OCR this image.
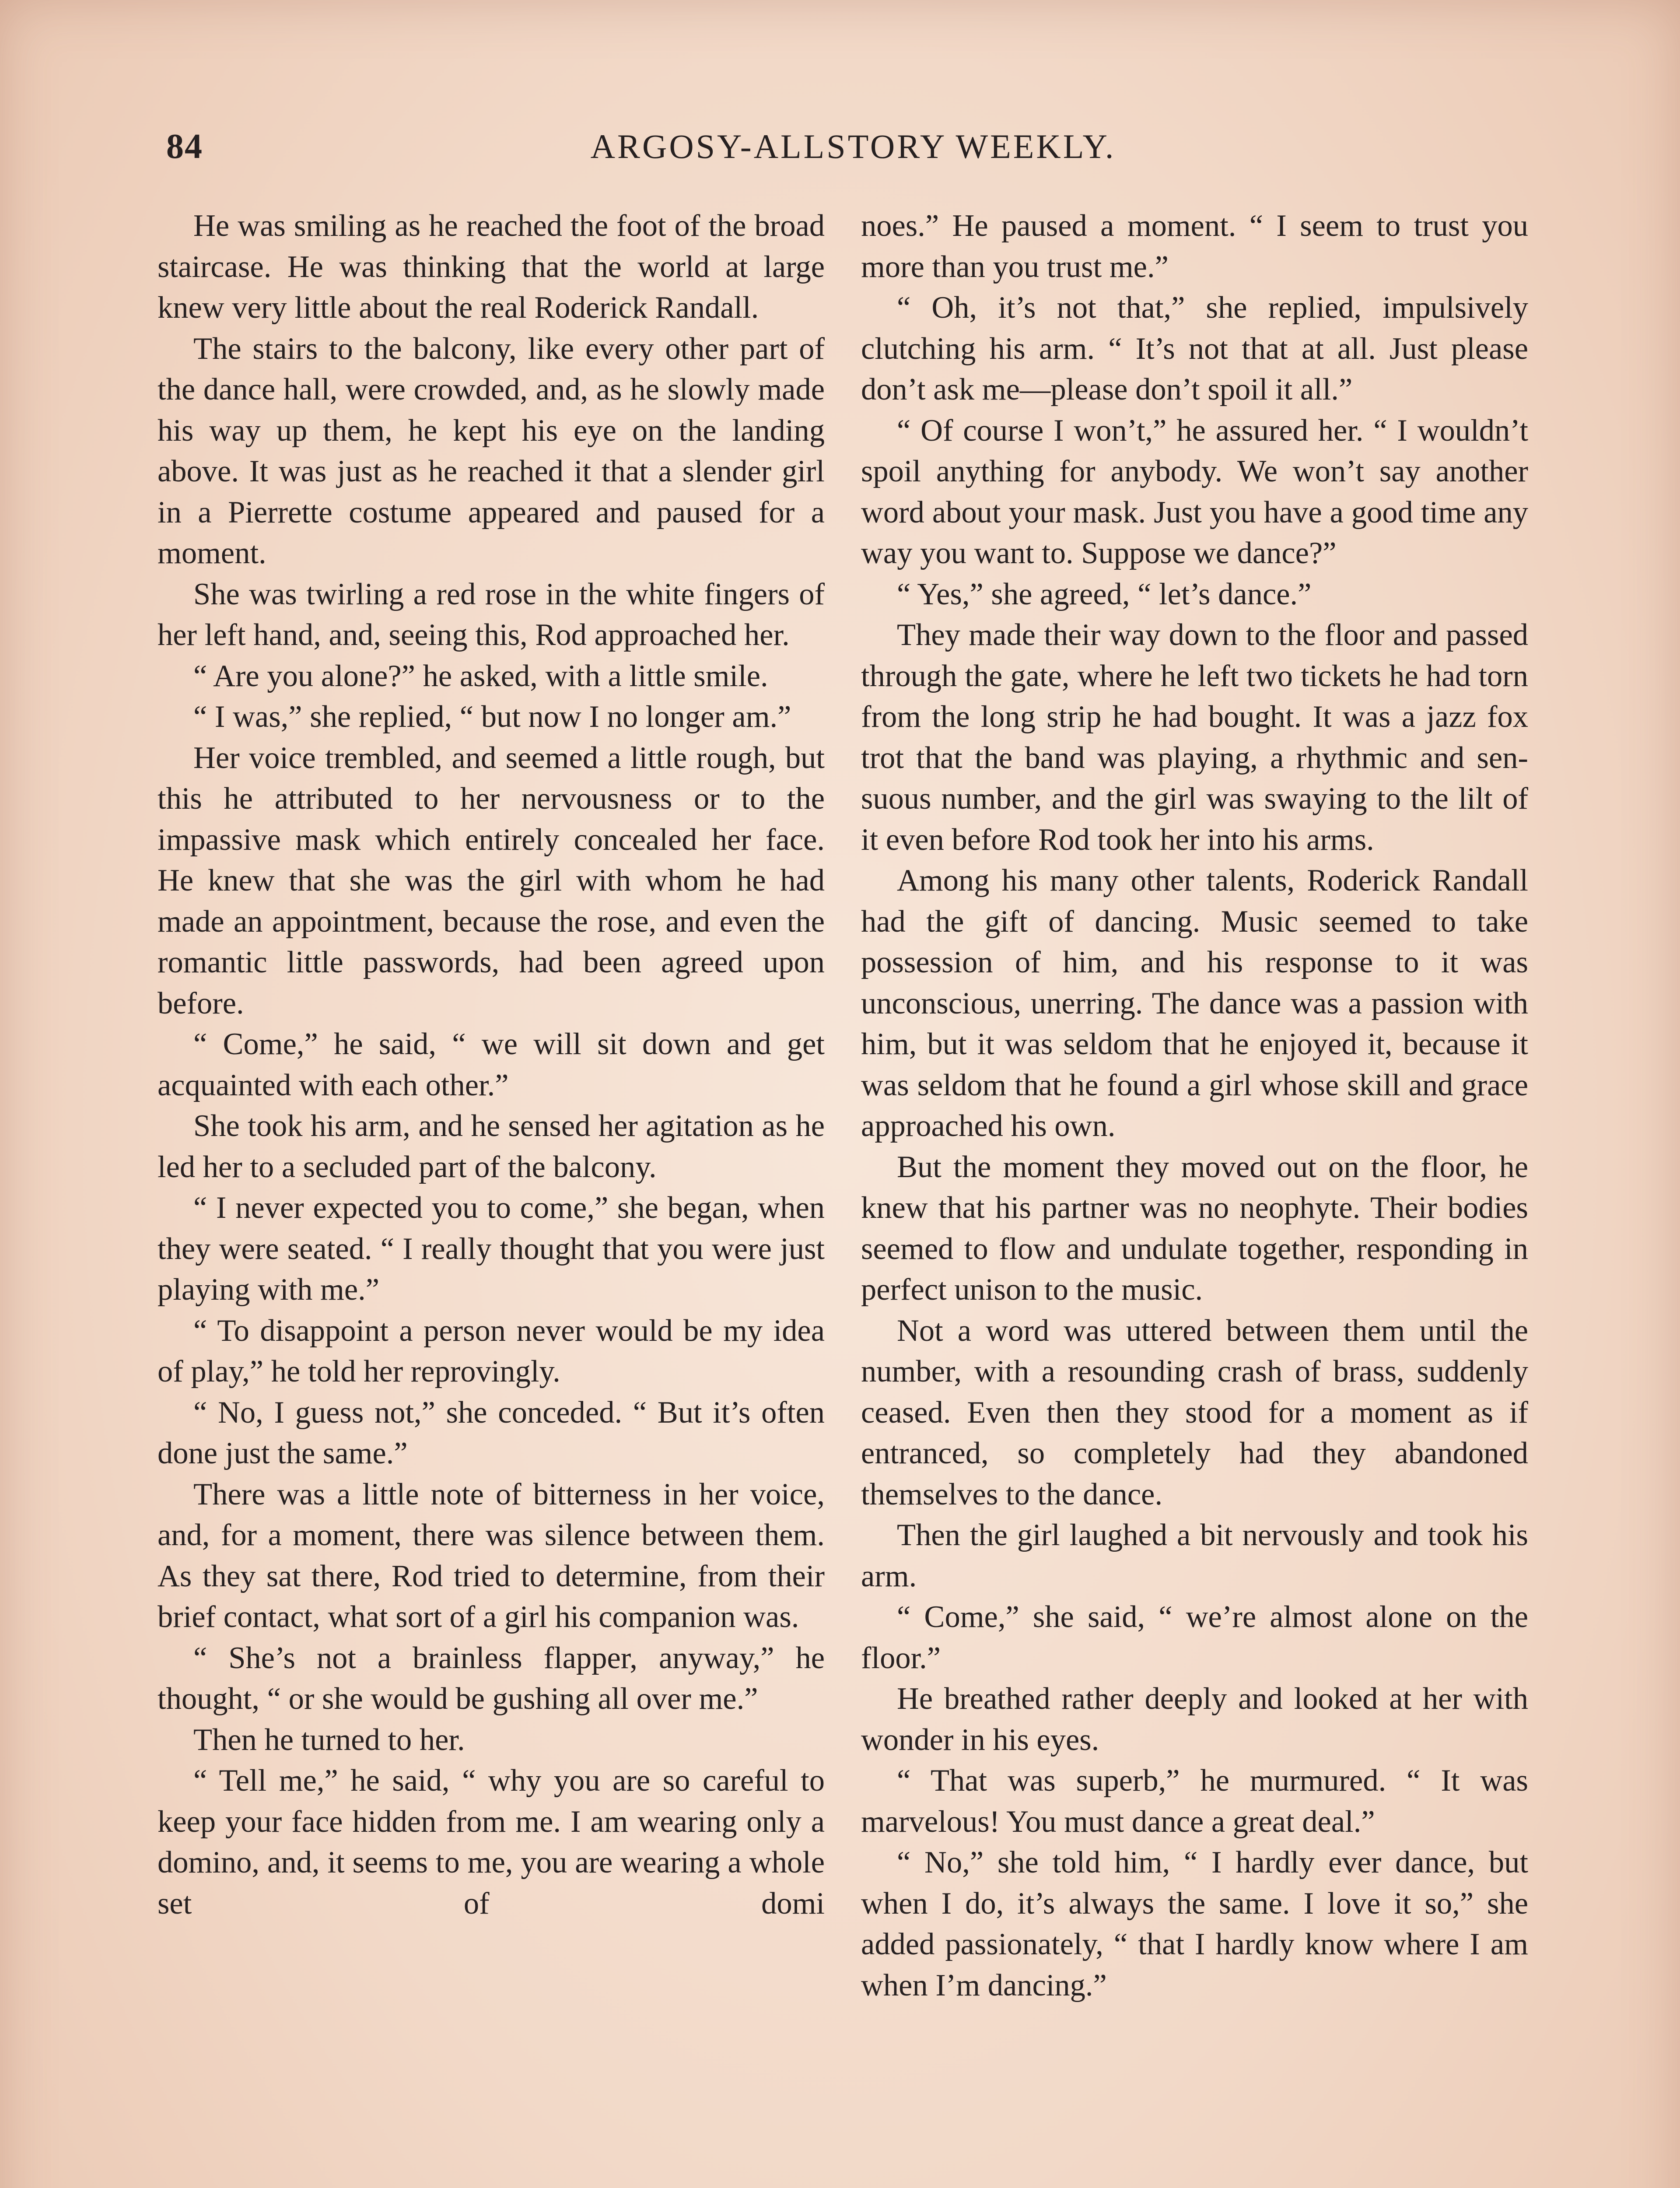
84	ARGOSY-ALLSTORY WEEKLY.

He was smiling as he reached the foot of the broad staircase. He was thinking that the world at large knew very little about the real Roderick Randall.

The stairs to the balcony, like every other part of the dance hall, were crowded, and, as he slowly made his way up them, he kept his eye on the landing above. It was just as he reached it that a slender girl in a Pierrette costume appeared and paused for a moment.

She was twirling a red rose in the white fingers of her left hand, and, seeing this, Rod approached her.

“ Are you alone?” he asked, with a little smile.

“ I was,” she replied, “ but now I no longer am.”

Her voice trembled, and seemed a little rough, but this he attributed to her nervousness or to the impassive mask which entirely concealed her face. He knew that she was the girl with whom he had made an appointment, because the rose, and even the romantic little passwords, had been agreed upon before.

“ Come,” he said, “ we will sit down and get acquainted with each other.”

She took his arm, and he sensed her agitation as he led her to a secluded part of the balcony.

“ I never expected you to come,” she began, when they were seated. “ I really thought that you were just playing with me.”

“ To disappoint a person never would be my idea of play,” he told her reprovingly.

“ No, I guess not,” she conceded. “ But it’s often done just the same.”

There was a little note of bitterness in her voice, and, for a moment, there was silence between them. As they sat there, Rod tried to determine, from their brief contact, what sort of a girl his companion was.

“ She’s not a brainless flapper, anyway,” he thought, “ or she would be gushing all over me.”

Then he turned to her.

“ Tell me,” he said, “ why you are so careful to keep your face hidden from me. I am wearing only a domino, and, it seems to me, you are wearing a whole set of domi

noes.” He paused a moment. “ I seem to trust you more than you trust me.”

“ Oh, it’s not that,” she replied, impulsively clutching his arm. “ It’s not that at all. Just please don’t ask me—please don’t spoil it all.”

“ Of course I won’t,” he assured her. “ I wouldn’t spoil anything for anybody. We won’t say another word about your mask. Just you have a good time any way you want to. Suppose we dance?”

“ Yes,” she agreed, “ let’s dance.”

They made their way down to the floor and passed through the gate, where he left two tickets he had torn from the long strip he had bought. It was a jazz fox trot that the band was playing, a rhythmic and sensuous number, and the girl was swaying to the lilt of it even before Rod took her into his arms.

Among his many other talents, Roderick Randall had the gift of dancing. Music seemed to take possession of him, and his response to it was unconscious, unerring. The dance was a passion with him, but it was seldom that he enjoyed it, because it was seldom that he found a girl whose skill and grace approached his own.

But the moment they moved out on the floor, he knew that his partner was no neophyte. Their bodies seemed to flow and undulate together, responding in perfect unison to the music.

Not a word was uttered between them until the number, with a resounding crash of brass, suddenly ceased. Even then they stood for a moment as if entranced, so completely had they abandoned themselves to the dance.

Then the girl laughed a bit nervously and took his arm.

“ Come,” she said, “ we’re almost alone on the floor.”

He breathed rather deeply and looked at her with wonder in his eyes.

“ That was superb,” he murmured. “ It was marvelous! You must dance a great deal.”

“ No,” she told him, “ I hardly ever dance, but when I do, it’s always the same. I love it so,” she added passionately, “ that I hardly know where I am when I’m dancing.”
